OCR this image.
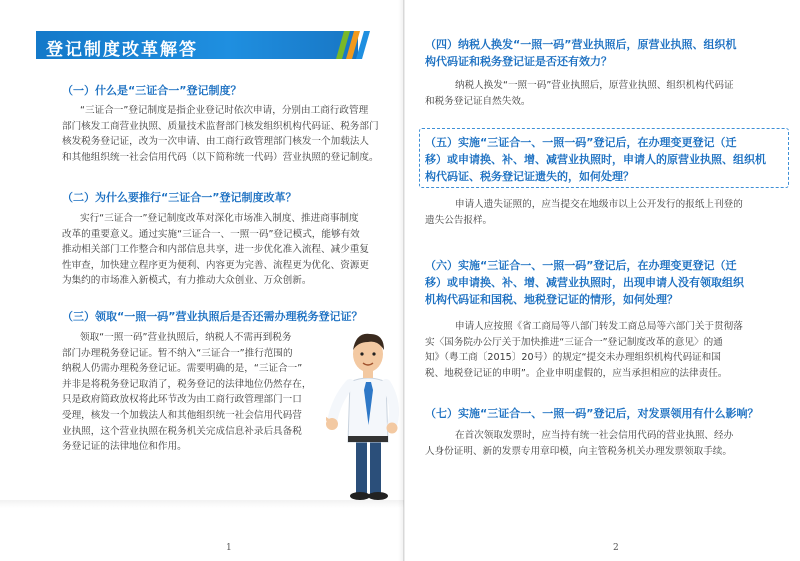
登记制度改革解答
（一）什么是“三证合一”登记制度？
“三证合一”登记制度是指企业登记时依次申请，分别由工商行政管理
部门核发工商营业执照、质量技术监督部门核发组织机构代码证、税务部门
核发税务登记证，改为一次申请、由工商行政管理部门核发一个加载法人
和其他组织统一社会信用代码（以下简称统一代码）营业执照的登记制度。
（二）为什么要推行“三证合一”登记制度改革？
实行“三证合一”登记制度改革对深化市场准入制度、推进商事制度
改革的重要意义。通过实施“三证合一、一照一码”登记模式，能够有效
推动相关部门工作整合和内部信息共享，进一步优化准入流程、减少重复
性审查，加快建立程序更为便利、内容更为完善、流程更为优化、资源更
为集约的市场准入新模式，有力推动大众创业、万众创新。
（三）领取“一照一码”营业执照后是否还需办理税务登记证？
领取“一照一码”营业执照后，纳税人不需再到税务
部门办理税务登记证。暂不纳入“三证合一”推行范围的
纳税人仍需办理税务登记证。需要明确的是，“三证合一”
并非是将税务登记取消了，税务登记的法律地位仍然存在，
只是政府简政放权将此环节改为由工商行政管理部门一口
受理，核发一个加载法人和其他组织统一社会信用代码营
业执照，这个营业执照在税务机关完成信息补录后具备税
务登记证的法律地位和作用。
1
（四）纳税人换发“一照一码”营业执照后，原营业执照、组织机
构代码证和税务登记证是否还有效力？
纳税人换发“一照一码”营业执照后，原营业执照、组织机构代码证
和税务登记证自然失效。
（五）实施“三证合一、一照一码”登记后，在办理变更登记（迁
移）或申请换、补、增、减营业执照时，申请人的原营业执照、组织机
构代码证、税务登记证遗失的，如何处理？
申请人遗失证照的，应当提交在地级市以上公开发行的报纸上刊登的
遗失公告报样。
（六）实施“三证合一、一照一码”登记后，在办理变更登记（迁
移）或申请换、补、增、减营业执照时，出现申请人没有领取组织
机构代码证和国税、地税登记证的情形，如何处理？
申请人应按照《省工商局等八部门转发工商总局等六部门关于贯彻落
实〈国务院办公厅关于加快推进“三证合一”登记制度改革的意见〉的通
知》（粤工商〔2015〕20号）的规定“提交未办理组织机构代码证和国
税、地税登记证的申明”。企业申明虚假的，应当承担相应的法律责任。
（七）实施“三证合一、一照一码”登记后，对发票领用有什么影响？
在首次领取发票时，应当持有统一社会信用代码的营业执照、经办
人身份证明、新的发票专用章印模，向主管税务机关办理发票领取手续。
2
